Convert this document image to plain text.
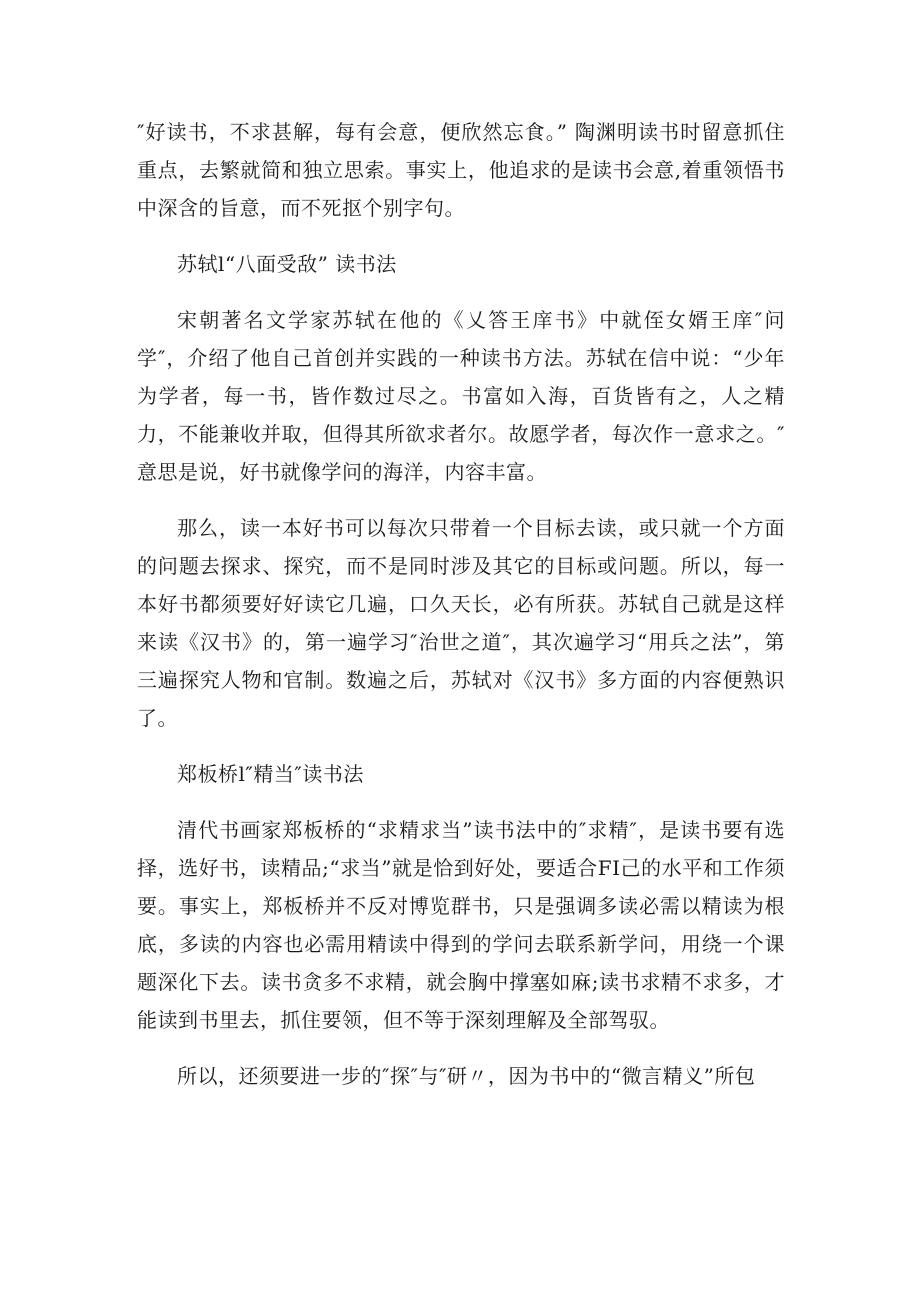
″好读书，不求甚解，每有会意，便欣然忘食。” 陶渊明读书时留意抓住重点，去繁就简和独立思索。事实上，他追求的是读书会意,着重领悟书中深含的旨意，而不死抠个别字句。

苏轼l“八面受敌” 读书法

宋朝著名文学家苏轼在他的《乂答王庠书》中就侄女婿王庠″问学″，介绍了他自己首创并实践的一种读书方法。苏轼在信中说：“少年为学者，每一书，皆作数过尽之。书富如入海，百货皆有之，人之精力，不能兼收并取，但得其所欲求者尔。故愿学者，每次作一意求之。″意思是说，好书就像学问的海洋，内容丰富。

那么，读一本好书可以每次只带着一个目标去读，或只就一个方面的问题去探求、探究，而不是同时涉及其它的目标或问题。所以，每一本好书都须要好好读它几遍，口久天长，必有所获。苏轼自己就是这样来读《汉书》的，第一遍学习″治世之道″，其次遍学习“用兵之法”，第三遍探究人物和官制。数遍之后，苏轼对《汉书》多方面的内容便熟识了。

郑板桥l″精当″读书法

清代书画家郑板桥的“求精求当”读书法中的″求精″，是读书要有选择，选好书，读精品;“求当”就是恰到好处，要适合FI己的水平和工作须要。事实上，郑板桥并不反对博览群书，只是强调多读必需以精读为根底，多读的内容也必需用精读中得到的学问去联系新学问，用绕一个课题深化下去。读书贪多不求精，就会胸中撑塞如麻;读书求精不求多，才能读到书里去，抓住要领，但不等于深刻理解及全部驾驭。

所以，还须要进一步的″探″与″研〃，因为书中的“微言精义”所包
